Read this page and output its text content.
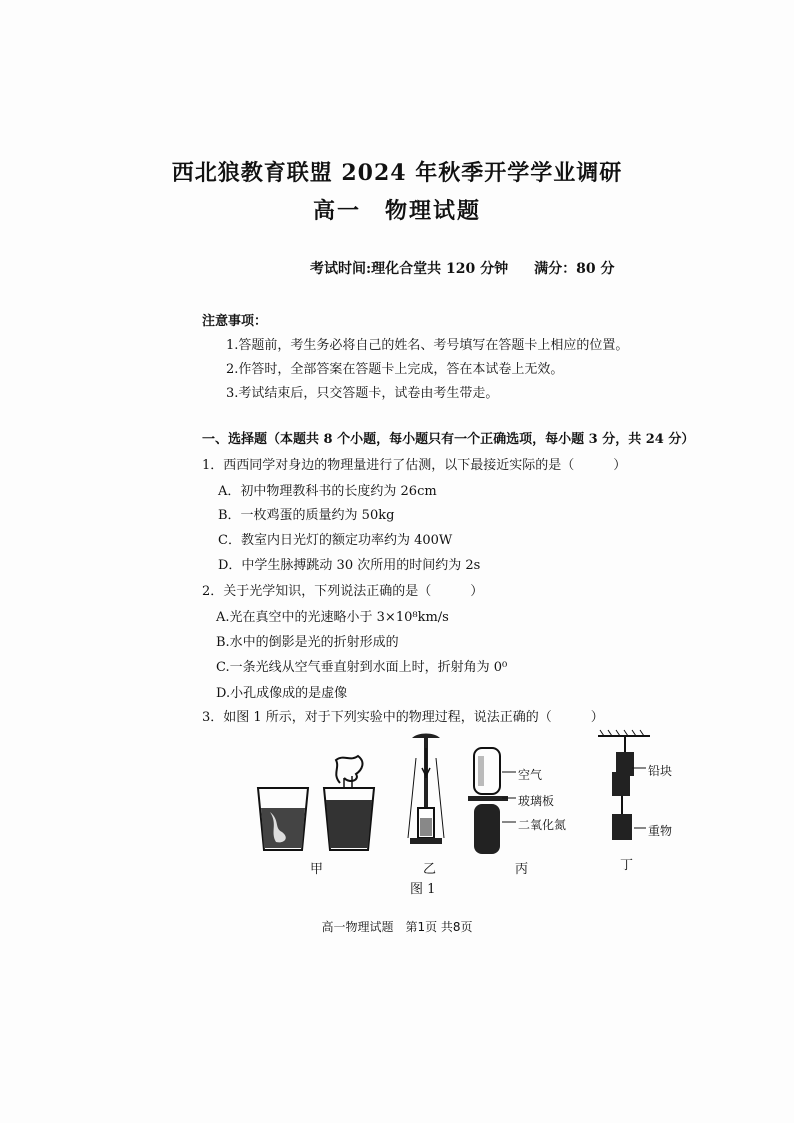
西北狼教育联盟 2024 年秋季开学学业调研
高一　物理试题
考试时间:理化合堂共 120 分钟 满分：80 分
注意事项：
1.答题前，考生务必将自己的姓名、考号填写在答题卡上相应的位置。
2.作答时，全部答案在答题卡上完成，答在本试卷上无效。
3.考试结束后，只交答题卡，试卷由考生带走。
一、选择题（本题共 8 个小题，每小题只有一个正确选项，每小题 3 分，共 24 分）
1．西西同学对身边的物理量进行了估测，以下最接近实际的是（　　　）
A．初中物理教科书的长度约为 26cm
B．一枚鸡蛋的质量约为 50kg
C．教室内日光灯的额定功率约为 400W
D．中学生脉搏跳动 30 次所用的时间约为 2s
2．关于光学知识，下列说法正确的是（　　　）
A.光在真空中的光速略小于 3×10⁸km/s
B.水中的倒影是光的折射形成的
C.一条光线从空气垂直射到水面上时，折射角为 0⁰
D.小孔成像成的是虚像
3．如图 1 所示，对于下列实验中的物理过程，说法正确的（　　　）
空气
玻璃板
二氧化氮
铅块
重物
甲	乙	丙	丁
图 1
高一物理试题　第1页 共8页
